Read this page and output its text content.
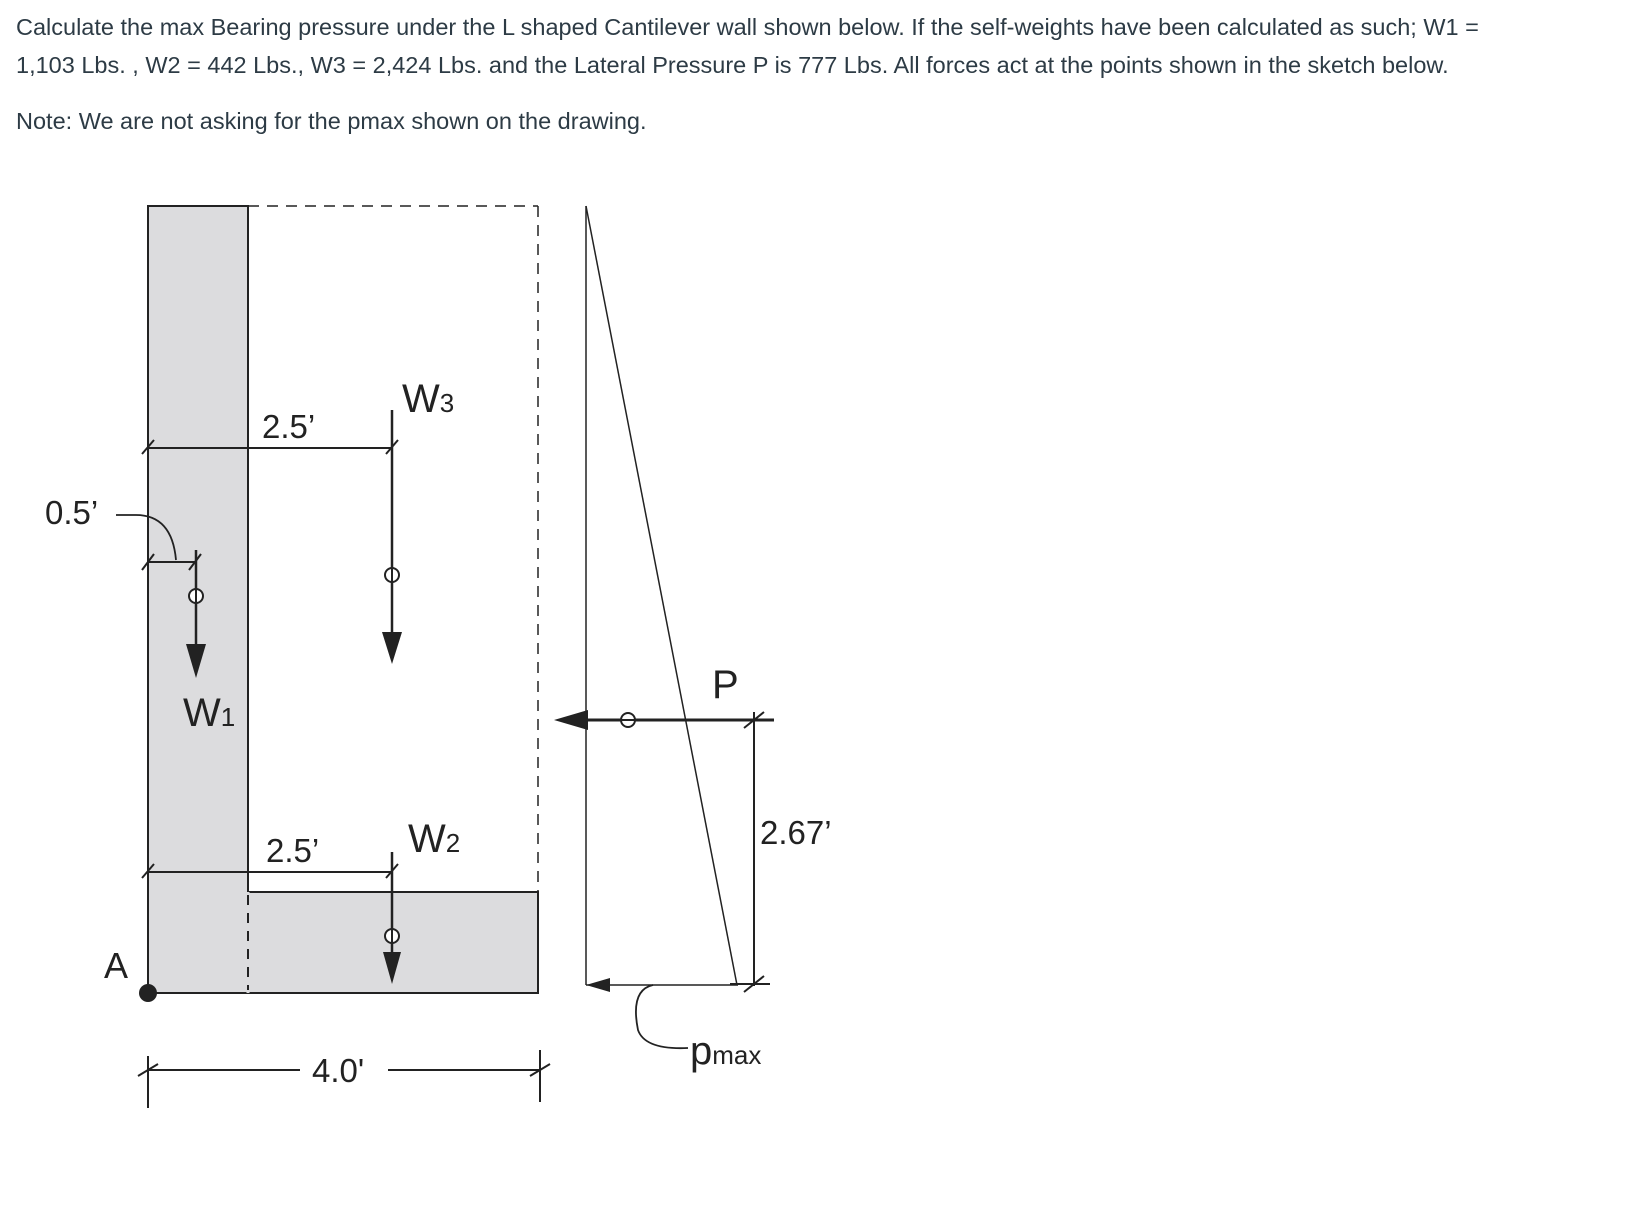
Calculate the max Bearing pressure under the L shaped Cantilever wall shown below. If the self-weights have been calculated as such; W1 =

1,103 Lbs. , W2 = 442 Lbs., W3 = 2,424 Lbs. and the Lateral Pressure P is 777 Lbs. All forces act at the points shown in the sketch below.

Note: We are not asking for the pmax shown on the drawing.

2.5’
W3
0.5’
W1
2.5’ W2
A
4.0'
P
2.67’
pmax
